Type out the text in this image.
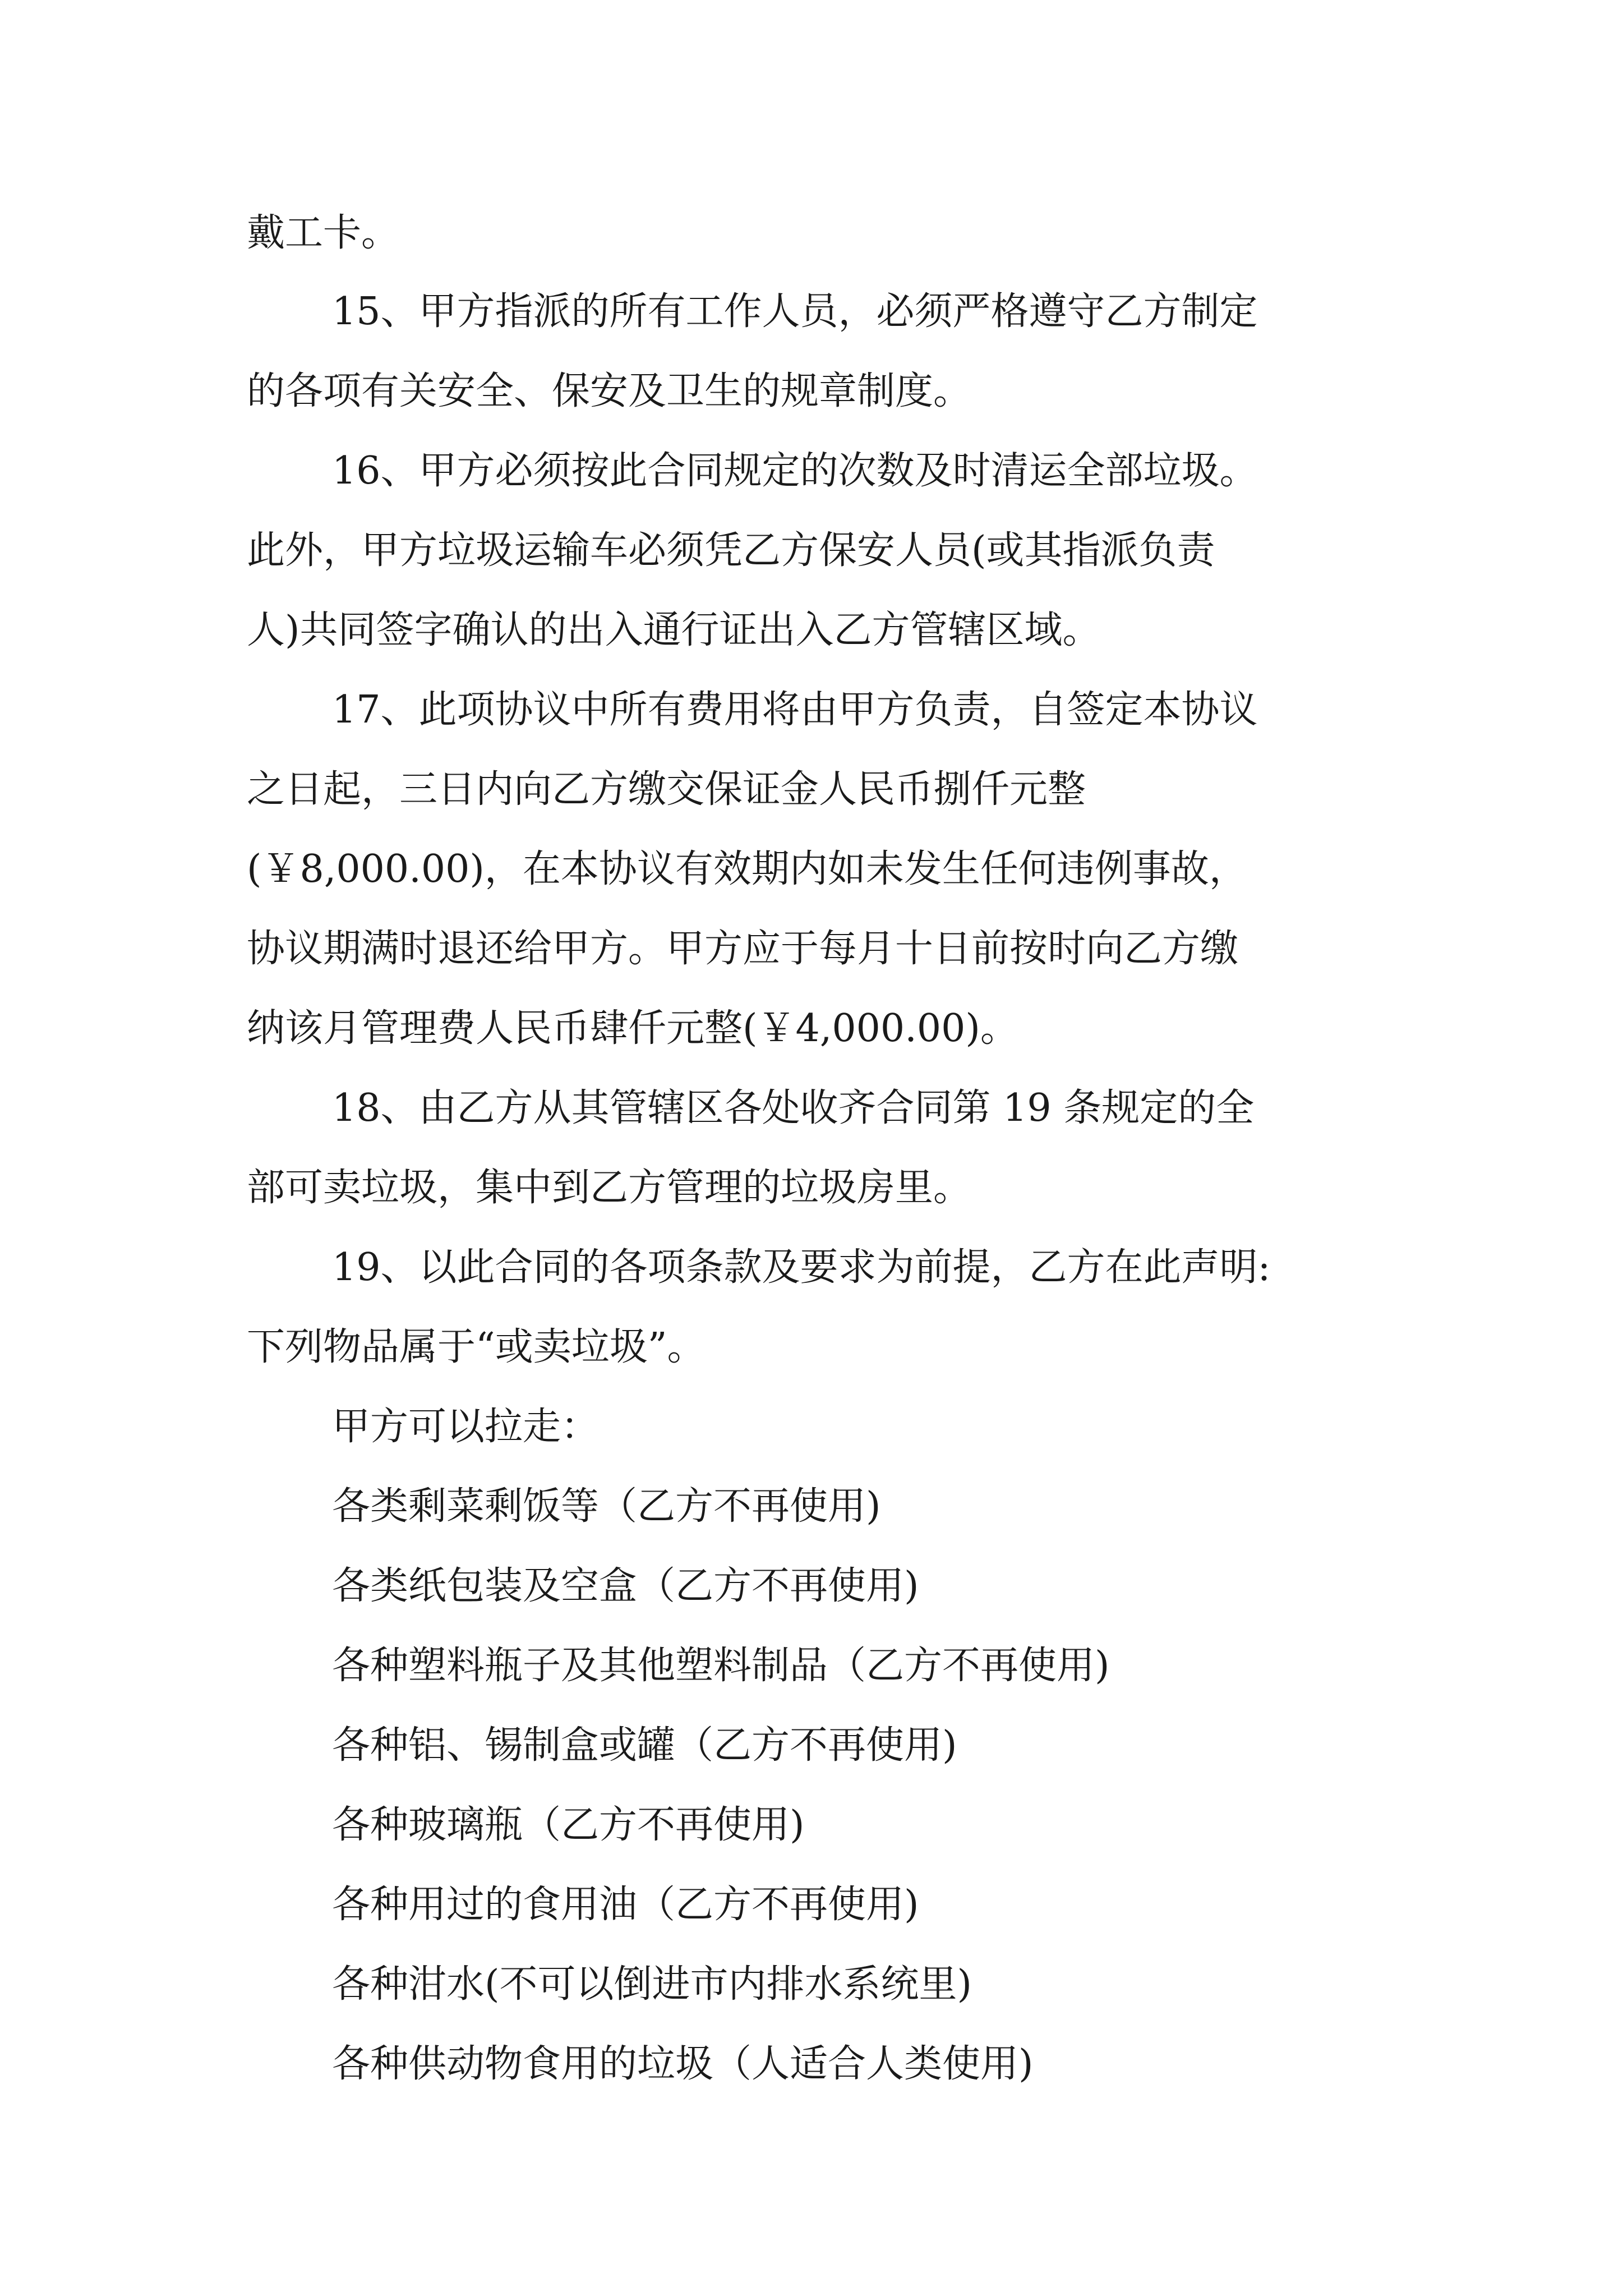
戴工卡。
15、甲方指派的所有工作人员，必须严格遵守乙方制定
的各项有关安全、保安及卫生的规章制度。
16、甲方必须按此合同规定的次数及时清运全部垃圾。
此外，甲方垃圾运输车必须凭乙方保安人员(或其指派负责
人)共同签字确认的出入通行证出入乙方管辖区域。
17、此项协议中所有费用将由甲方负责，自签定本协议
之日起，三日内向乙方缴交保证金人民币捌仟元整
(￥8,000.00)，在本协议有效期内如未发生任何违例事故，
协议期满时退还给甲方。甲方应于每月十日前按时向乙方缴
纳该月管理费人民币肆仟元整(￥4,000.00)。
18、由乙方从其管辖区各处收齐合同第 19 条规定的全
部可卖垃圾，集中到乙方管理的垃圾房里。
19、以此合同的各项条款及要求为前提，乙方在此声明:
下列物品属于“或卖垃圾”。
甲方可以拉走：
各类剩菜剩饭等（乙方不再使用)
各类纸包装及空盒（乙方不再使用)
各种塑料瓶子及其他塑料制品（乙方不再使用)
各种铝、锡制盒或罐（乙方不再使用)
各种玻璃瓶（乙方不再使用)
各种用过的食用油（乙方不再使用)
各种泔水(不可以倒进市内排水系统里)
各种供动物食用的垃圾（人适合人类使用)
